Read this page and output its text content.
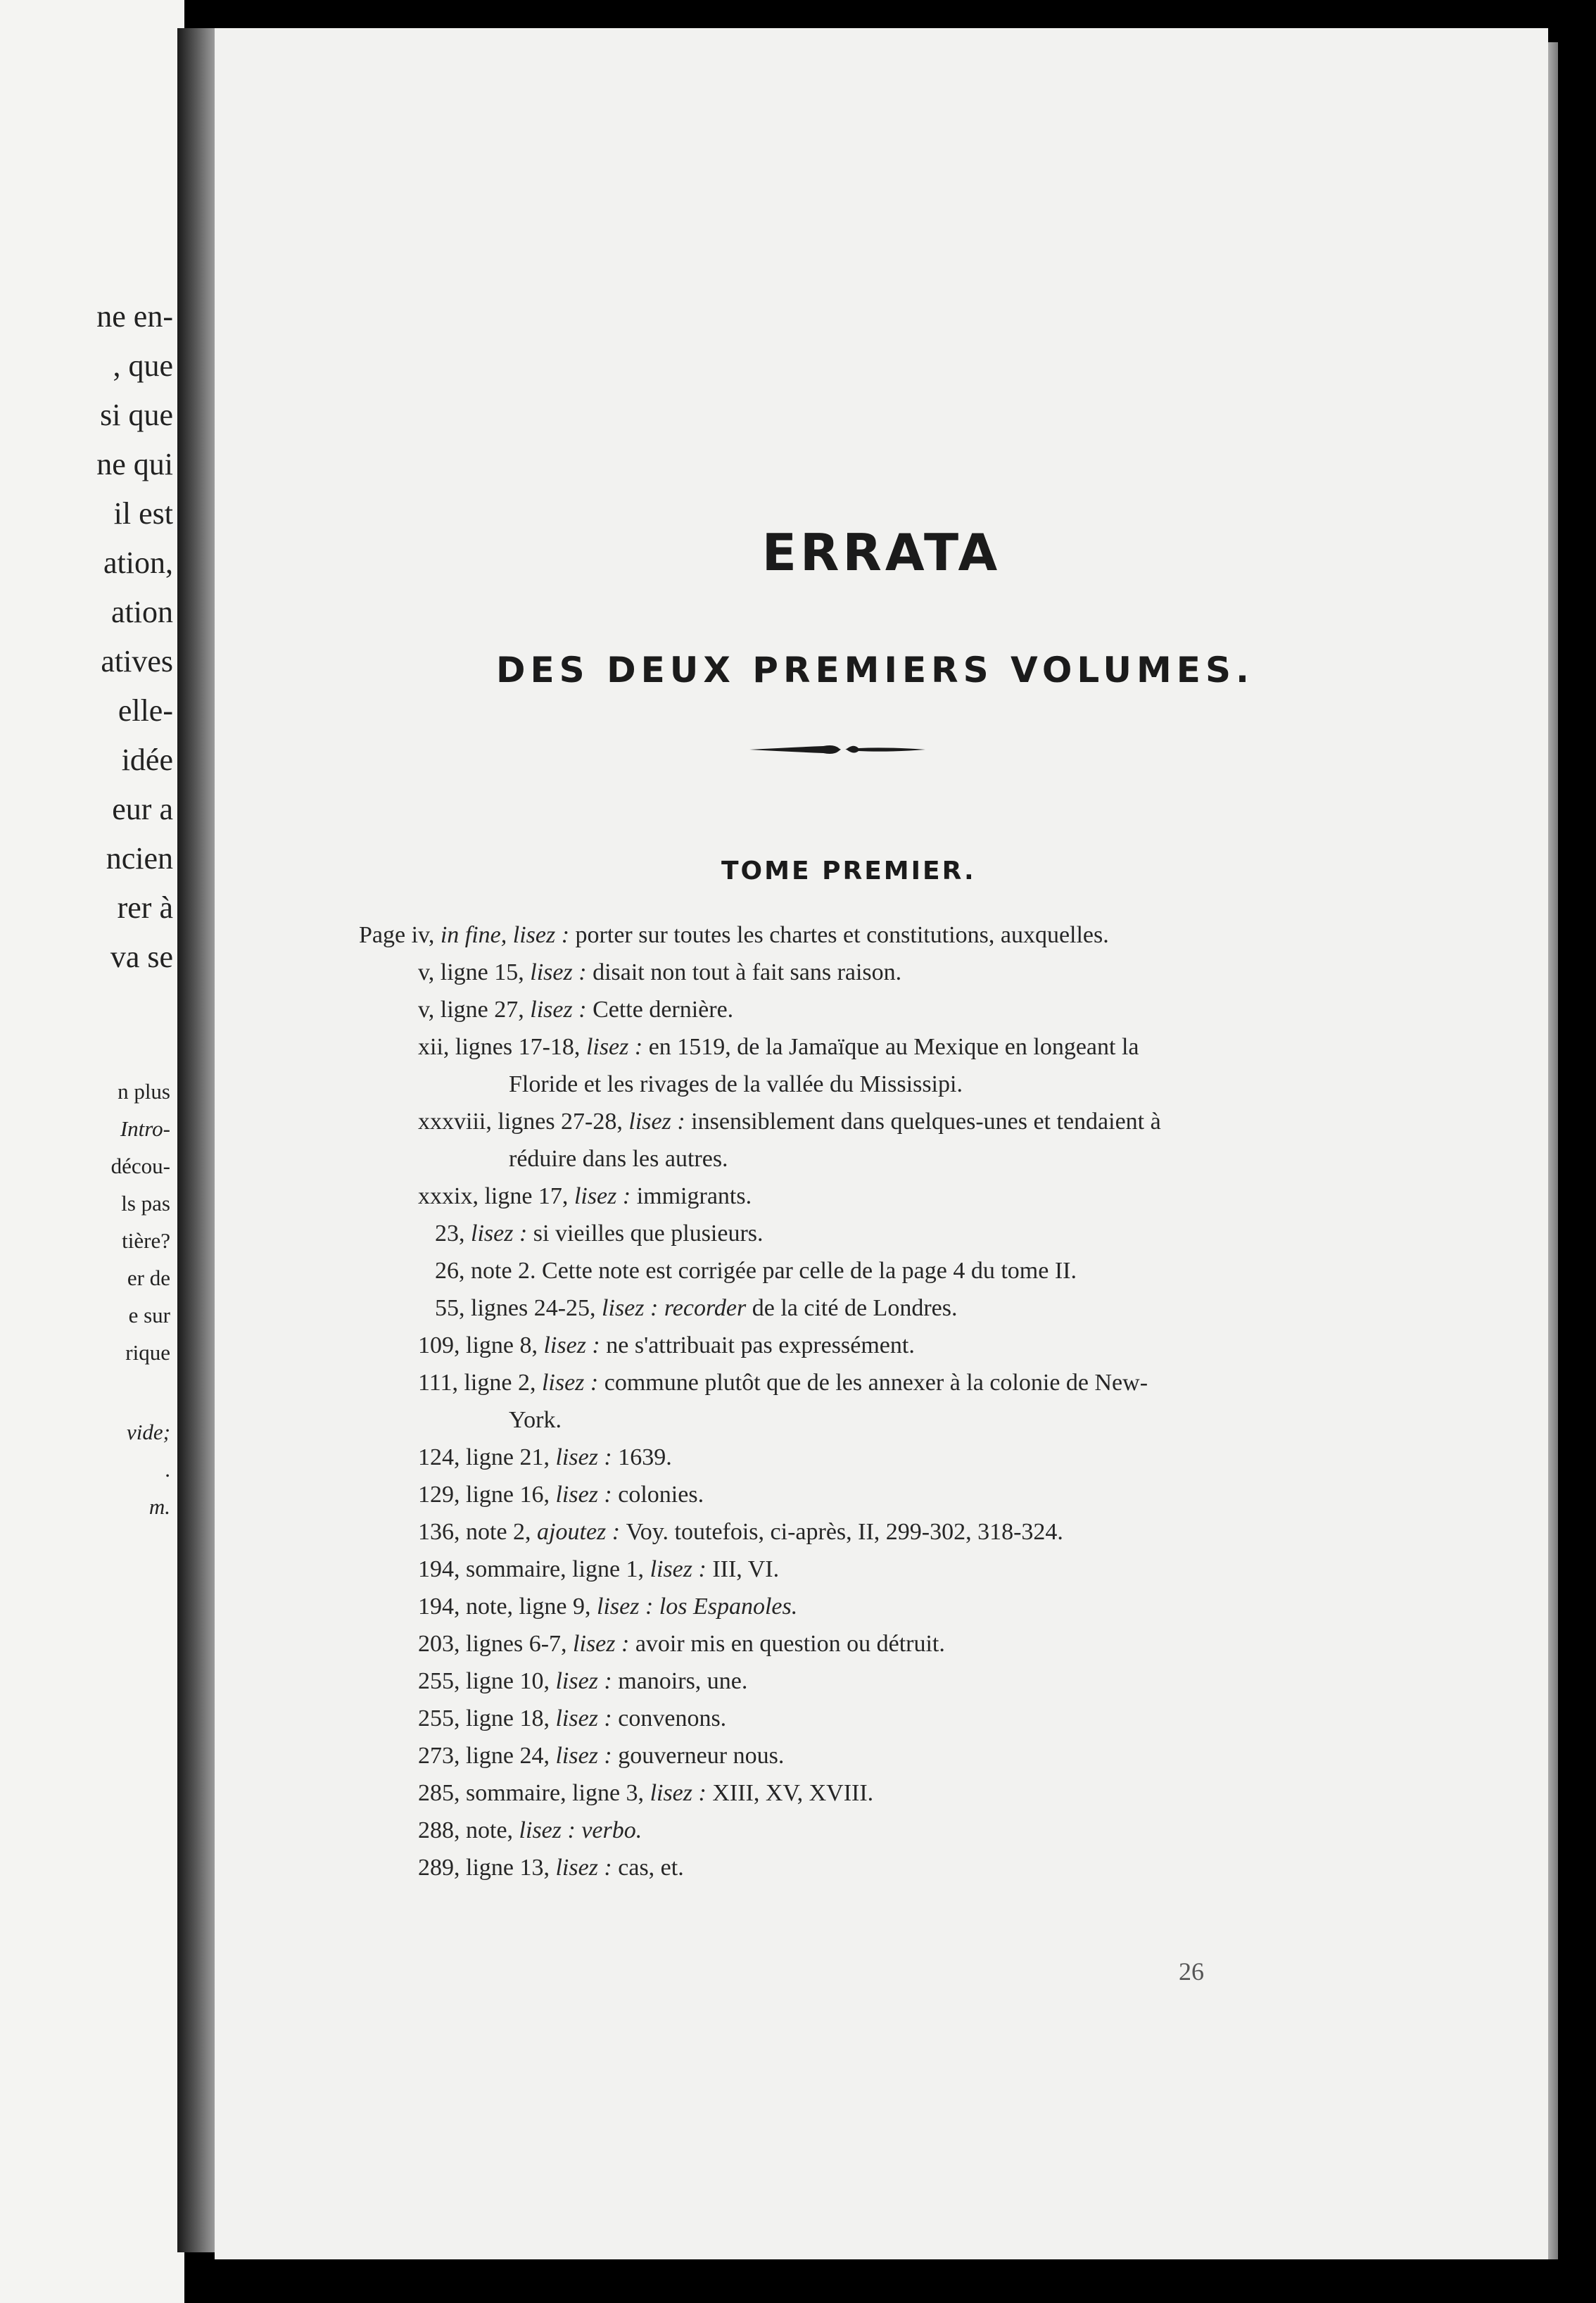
ne en-
, que
si que
ne qui
il est
ation,
ation
atives
elle-
idée
eur a
ncien
rer à
va se
n plus
Intro-
décou-
ls pas
tière?
er de
e sur
rique
vide;
.
m.
ERRATA
DES DEUX PREMIERS VOLUMES.
TOME PREMIER.
Page iv, in fine, lisez : porter sur toutes les chartes et constitutions, auxquelles.
v, ligne 15, lisez : disait non tout à fait sans raison.
v, ligne 27, lisez : Cette dernière.
xii, lignes 17-18, lisez : en 1519, de la Jamaïque au Mexique en longeant la
Floride et les rivages de la vallée du Mississipi.
xxxviii, lignes 27-28, lisez : insensiblement dans quelques-unes et tendaient à
réduire dans les autres.
xxxix, ligne 17, lisez : immigrants.
23, lisez : si vieilles que plusieurs.
26, note 2. Cette note est corrigée par celle de la page 4 du tome II.
55, lignes 24-25, lisez : recorder de la cité de Londres.
109, ligne 8, lisez : ne s'attribuait pas expressément.
111, ligne 2, lisez : commune plutôt que de les annexer à la colonie de New-
York.
124, ligne 21, lisez : 1639.
129, ligne 16, lisez : colonies.
136, note 2, ajoutez : Voy. toutefois, ci-après, II, 299-302, 318-324.
194, sommaire, ligne 1, lisez : III, VI.
194, note, ligne 9, lisez : los Espanoles.
203, lignes 6-7, lisez : avoir mis en question ou détruit.
255, ligne 10, lisez : manoirs, une.
255, ligne 18, lisez : convenons.
273, ligne 24, lisez : gouverneur nous.
285, sommaire, ligne 3, lisez : XIII, XV, XVIII.
288, note, lisez : verbo.
289, ligne 13, lisez : cas, et.
26
